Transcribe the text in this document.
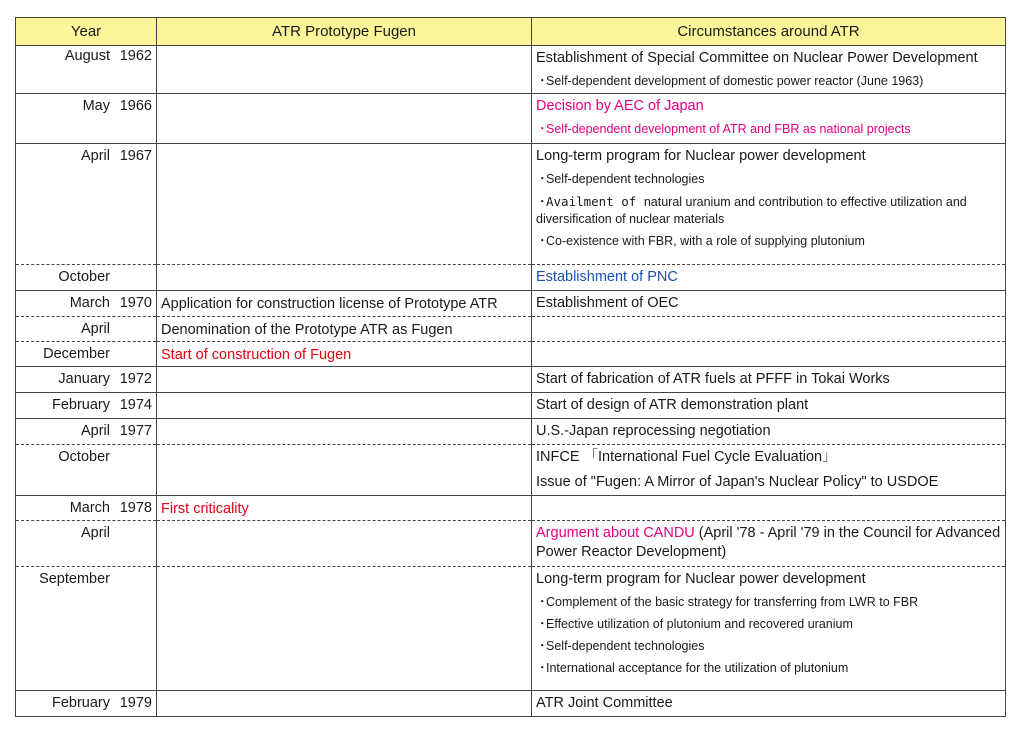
Year	ATR Prototype Fugen	Circumstances around ATR

August 1962		Establishment of Special Committee on Nuclear Power Development
・Self-dependent development of domestic power reactor (June 1963)

May 1966		Decision by AEC of Japan
・Self-dependent development of ATR and FBR as national projects

April 1967		Long-term program for Nuclear power development
・Self-dependent technologies
・Availment of natural uranium and contribution to effective utilization and diversification of nuclear materials
・Co-existence with FBR, with a role of supplying plutonium

October		Establishment of PNC

March 1970	Application for construction license of Prototype ATR	Establishment of OEC

April	Denomination of the Prototype ATR as Fugen	

December	Start of construction of Fugen	

January 1972		Start of fabrication of ATR fuels at PFFF in Tokai Works

February 1974		Start of design of ATR demonstration plant

April 1977		U.S.-Japan reprocessing negotiation

October		INFCE 「International Fuel Cycle Evaluation」
Issue of "Fugen: A Mirror of Japan's Nuclear Policy" to USDOE

March 1978	First criticality	

April		Argument about CANDU (April '78 - April '79 in the Council for Advanced Power Reactor Development)

September		Long-term program for Nuclear power development
・Complement of the basic strategy for transferring from LWR to FBR
・Effective utilization of plutonium and recovered uranium
・Self-dependent technologies
・International acceptance for the utilization of plutonium

February 1979		ATR Joint Committee
